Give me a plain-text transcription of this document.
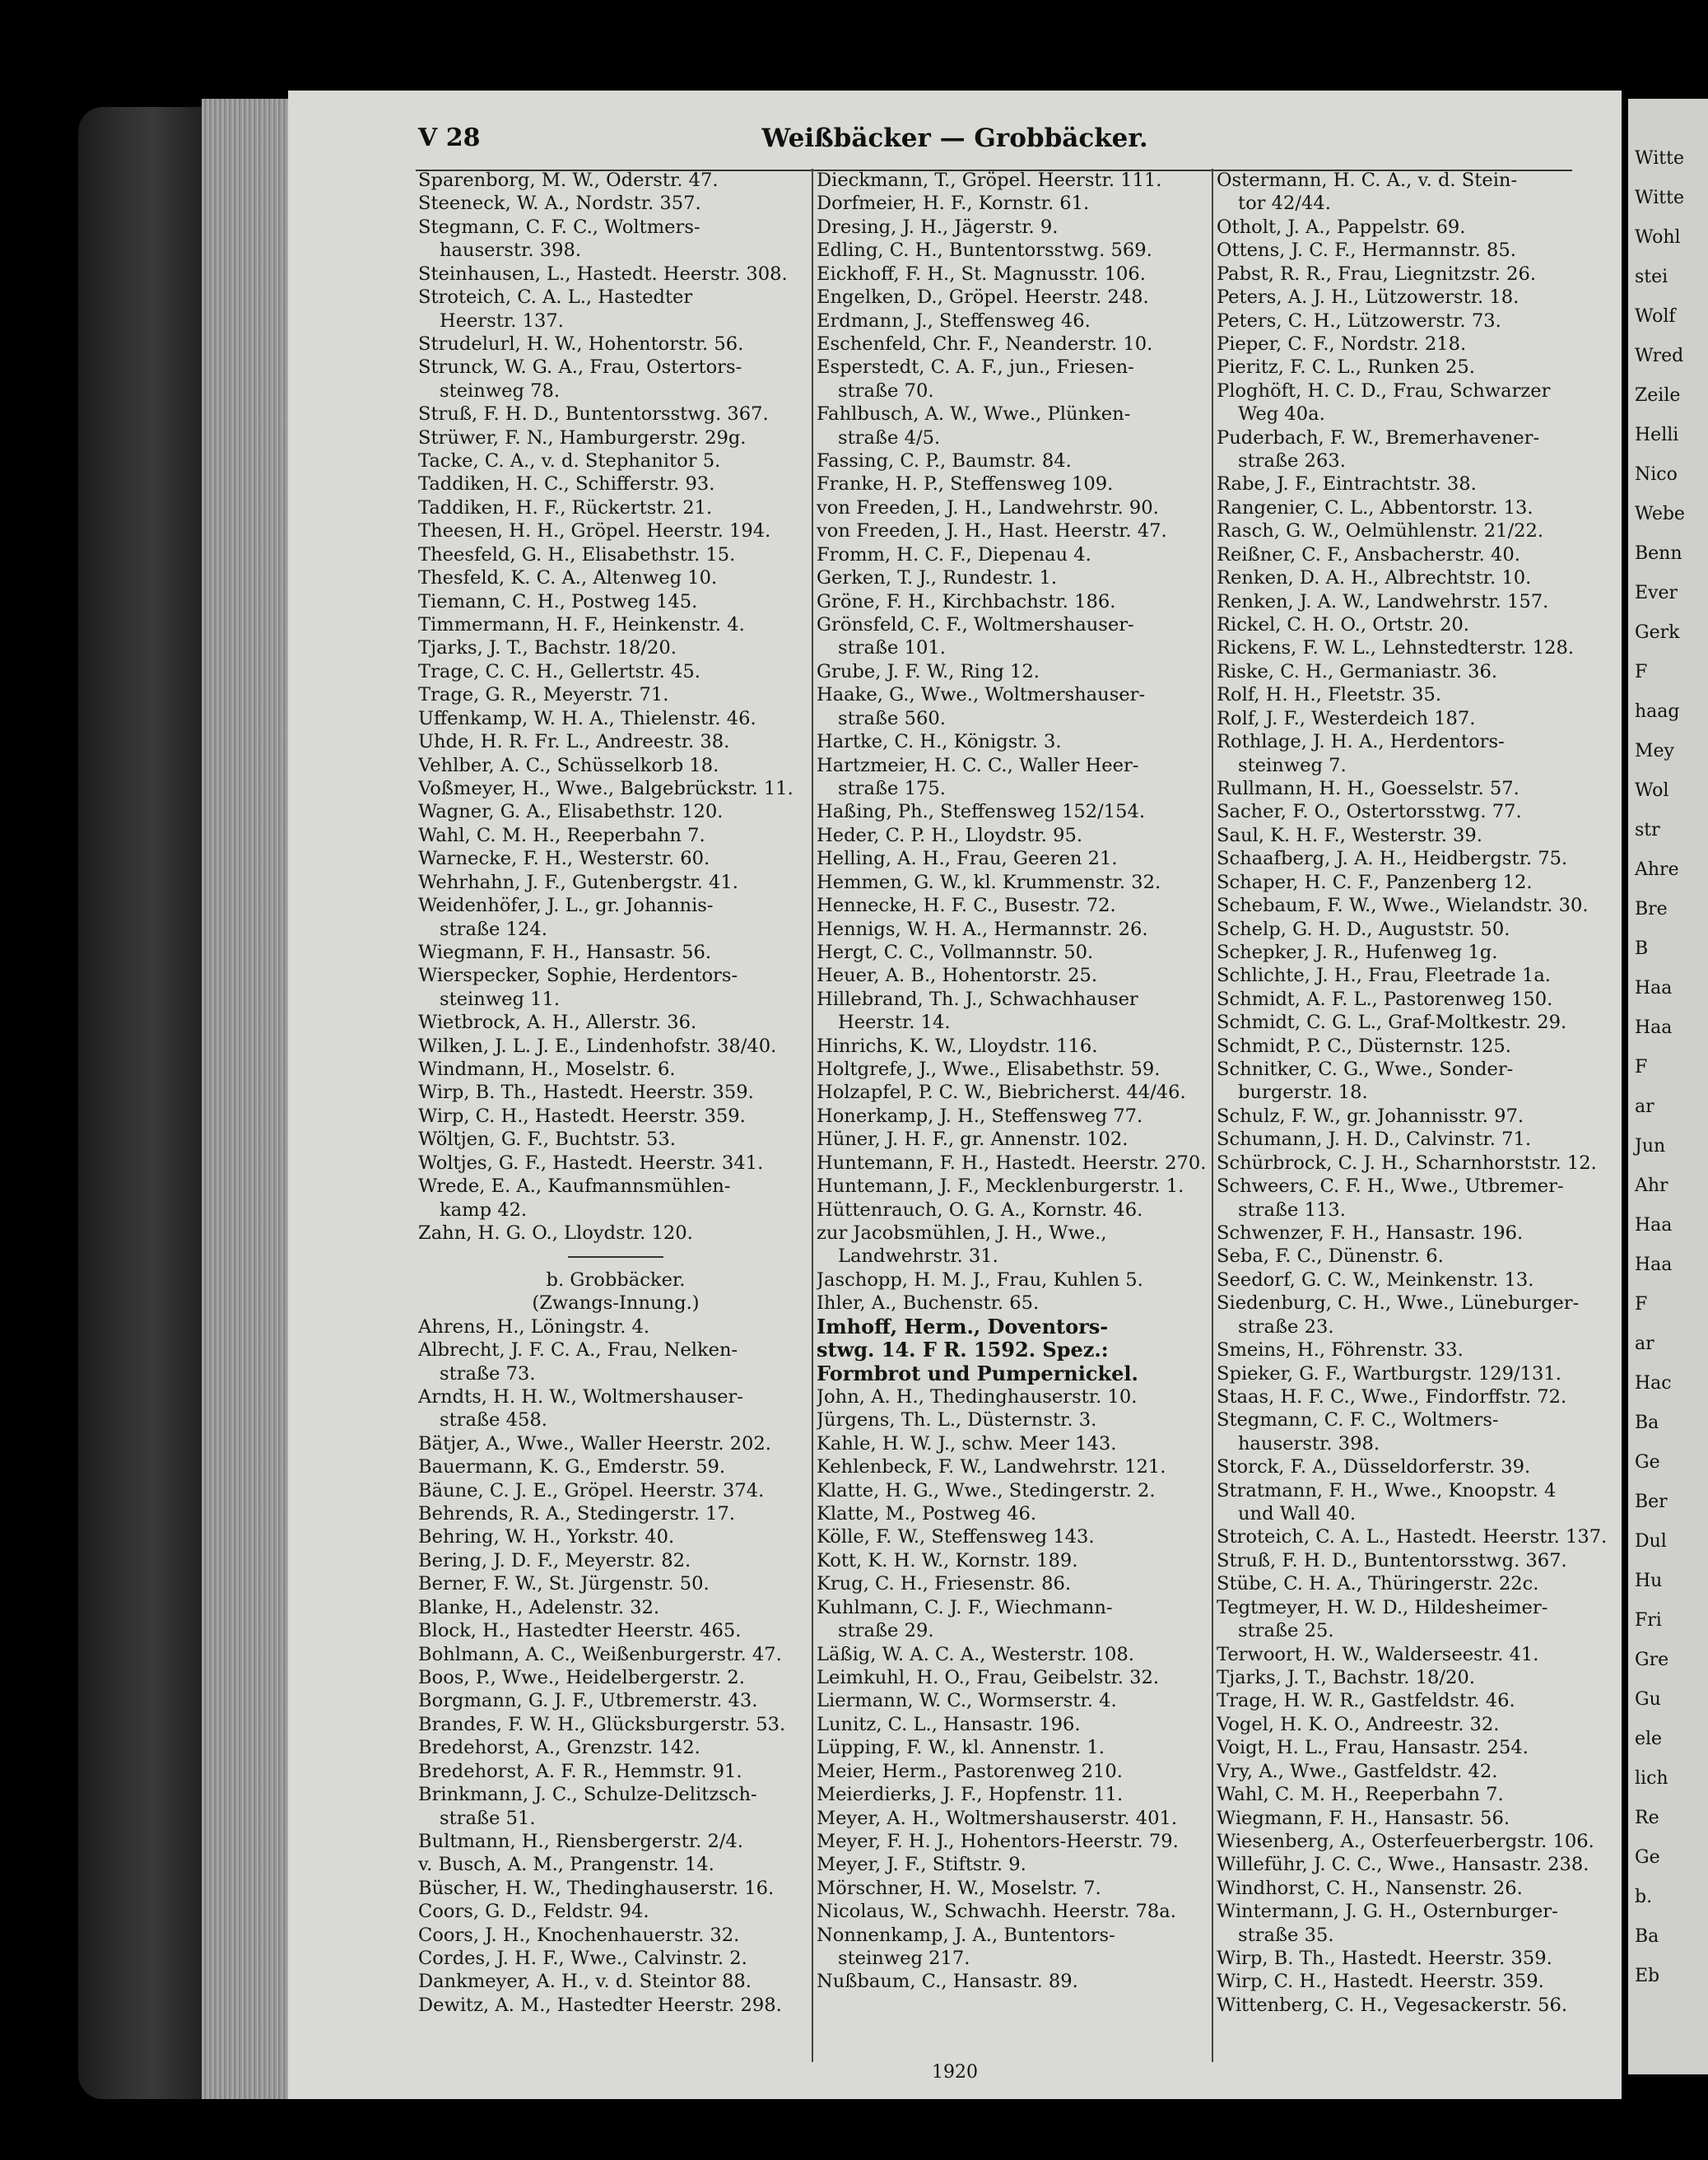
V 28	Weißbäcker — Grobbäcker.

Sparenborg, M. W., Oderstr. 47.

Steeneck, W. A., Nordstr. 357.

Stegmann, C. F. C., Woltmers-

hauserstr. 398.

Steinhausen, L., Hastedt. Heerstr. 308.

Stroteich, C. A. L., Hastedter

Heerstr. 137.

Strudelurl, H. W., Hohentorstr. 56.

Strunck, W. G. A., Frau, Ostertors-

steinweg 78.

Struß, F. H. D., Buntentorsstwg. 367.

Strüwer, F. N., Hamburgerstr. 29g.

Tacke, C. A., v. d. Stephanitor 5.

Taddiken, H. C., Schifferstr. 93.

Taddiken, H. F., Rückertstr. 21.

Theesen, H. H., Gröpel. Heerstr. 194.

Theesfeld, G. H., Elisabethstr. 15.

Thesfeld, K. C. A., Altenweg 10.

Tiemann, C. H., Postweg 145.

Timmermann, H. F., Heinkenstr. 4.

Tjarks, J. T., Bachstr. 18/20.

Trage, C. C. H., Gellertstr. 45.

Trage, G. R., Meyerstr. 71.

Uffenkamp, W. H. A., Thielenstr. 46.

Uhde, H. R. Fr. L., Andreestr. 38.

Vehlber, A. C., Schüsselkorb 18.

Voßmeyer, H., Wwe., Balgebrückstr. 11.

Wagner, G. A., Elisabethstr. 120.

Wahl, C. M. H., Reeperbahn 7.

Warnecke, F. H., Westerstr. 60.

Wehrhahn, J. F., Gutenbergstr. 41.

Weidenhöfer, J. L., gr. Johannis-

straße 124.

Wiegmann, F. H., Hansastr. 56.

Wierspecker, Sophie, Herdentors-

steinweg 11.

Wietbrock, A. H., Allerstr. 36.

Wilken, J. L. J. E., Lindenhofstr. 38/40.

Windmann, H., Moselstr. 6.

Wirp, B. Th., Hastedt. Heerstr. 359.

Wirp, C. H., Hastedt. Heerstr. 359.

Wöltjen, G. F., Buchtstr. 53.

Woltjes, G. F., Hastedt. Heerstr. 341.

Wrede, E. A., Kaufmannsmühlen-

kamp 42.

Zahn, H. G. O., Lloydstr. 120.

b. Grobbäcker.

(Zwangs-Innung.)

Ahrens, H., Löningstr. 4.

Albrecht, J. F. C. A., Frau, Nelken-

straße 73.

Arndts, H. H. W., Woltmershauser-

straße 458.

Bätjer, A., Wwe., Waller Heerstr. 202.

Bauermann, K. G., Emderstr. 59.

Bäune, C. J. E., Gröpel. Heerstr. 374.

Behrends, R. A., Stedingerstr. 17.

Behring, W. H., Yorkstr. 40.

Bering, J. D. F., Meyerstr. 82.

Berner, F. W., St. Jürgenstr. 50.

Blanke, H., Adelenstr. 32.

Block, H., Hastedter Heerstr. 465.

Bohlmann, A. C., Weißenburgerstr. 47.

Boos, P., Wwe., Heidelbergerstr. 2.

Borgmann, G. J. F., Utbremerstr. 43.

Brandes, F. W. H., Glücksburgerstr. 53.

Bredehorst, A., Grenzstr. 142.

Bredehorst, A. F. R., Hemmstr. 91.

Brinkmann, J. C., Schulze-Delitzsch-

straße 51.

Bultmann, H., Riensbergerstr. 2/4.

v. Busch, A. M., Prangenstr. 14.

Büscher, H. W., Thedinghauserstr. 16.

Coors, G. D., Feldstr. 94.

Coors, J. H., Knochenhauerstr. 32.

Cordes, J. H. F., Wwe., Calvinstr. 2.

Dankmeyer, A. H., v. d. Steintor 88.

Dewitz, A. M., Hastedter Heerstr. 298.

Dieckmann, T., Gröpel. Heerstr. 111.

Dorfmeier, H. F., Kornstr. 61.

Dresing, J. H., Jägerstr. 9.

Edling, C. H., Buntentorsstwg. 569.

Eickhoff, F. H., St. Magnusstr. 106.

Engelken, D., Gröpel. Heerstr. 248.

Erdmann, J., Steffensweg 46.

Eschenfeld, Chr. F., Neanderstr. 10.

Esperstedt, C. A. F., jun., Friesen-

straße 70.

Fahlbusch, A. W., Wwe., Plünken-

straße 4/5.

Fassing, C. P., Baumstr. 84.

Franke, H. P., Steffensweg 109.

von Freeden, J. H., Landwehrstr. 90.

von Freeden, J. H., Hast. Heerstr. 47.

Fromm, H. C. F., Diepenau 4.

Gerken, T. J., Rundestr. 1.

Gröne, F. H., Kirchbachstr. 186.

Grönsfeld, C. F., Woltmershauser-

straße 101.

Grube, J. F. W., Ring 12.

Haake, G., Wwe., Woltmershauser-

straße 560.

Hartke, C. H., Königstr. 3.

Hartzmeier, H. C. C., Waller Heer-

straße 175.

Haßing, Ph., Steffensweg 152/154.

Heder, C. P. H., Lloydstr. 95.

Helling, A. H., Frau, Geeren 21.

Hemmen, G. W., kl. Krummenstr. 32.

Hennecke, H. F. C., Busestr. 72.

Hennigs, W. H. A., Hermannstr. 26.

Hergt, C. C., Vollmannstr. 50.

Heuer, A. B., Hohentorstr. 25.

Hillebrand, Th. J., Schwachhauser

Heerstr. 14.

Hinrichs, K. W., Lloydstr. 116.

Holtgrefe, J., Wwe., Elisabethstr. 59.

Holzapfel, P. C. W., Biebricherst. 44/46.

Honerkamp, J. H., Steffensweg 77.

Hüner, J. H. F., gr. Annenstr. 102.

Huntemann, F. H., Hastedt. Heerstr. 270.

Huntemann, J. F., Mecklenburgerstr. 1.

Hüttenrauch, O. G. A., Kornstr. 46.

zur Jacobsmühlen, J. H., Wwe.,

Landwehrstr. 31.

Jaschopp, H. M. J., Frau, Kuhlen 5.

Ihler, A., Buchenstr. 65.

Imhoff, Herm., Doventors-

stwg. 14. F R. 1592. Spez.:

Formbrot und Pumpernickel.

John, A. H., Thedinghauserstr. 10.

Jürgens, Th. L., Düsternstr. 3.

Kahle, H. W. J., schw. Meer 143.

Kehlenbeck, F. W., Landwehrstr. 121.

Klatte, H. G., Wwe., Stedingerstr. 2.

Klatte, M., Postweg 46.

Kölle, F. W., Steffensweg 143.

Kott, K. H. W., Kornstr. 189.

Krug, C. H., Friesenstr. 86.

Kuhlmann, C. J. F., Wiechmann-

straße 29.

Läßig, W. A. C. A., Westerstr. 108.

Leimkuhl, H. O., Frau, Geibelstr. 32.

Liermann, W. C., Wormserstr. 4.

Lunitz, C. L., Hansastr. 196.

Lüpping, F. W., kl. Annenstr. 1.

Meier, Herm., Pastorenweg 210.

Meierdierks, J. F., Hopfenstr. 11.

Meyer, A. H., Woltmershauserstr. 401.

Meyer, F. H. J., Hohentors-Heerstr. 79.

Meyer, J. F., Stiftstr. 9.

Mörschner, H. W., Moselstr. 7.

Nicolaus, W., Schwachh. Heerstr. 78a.

Nonnenkamp, J. A., Buntentors-

steinweg 217.

Nußbaum, C., Hansastr. 89.

Ostermann, H. C. A., v. d. Stein-

tor 42/44.

Otholt, J. A., Pappelstr. 69.

Ottens, J. C. F., Hermannstr. 85.

Pabst, R. R., Frau, Liegnitzstr. 26.

Peters, A. J. H., Lützowerstr. 18.

Peters, C. H., Lützowerstr. 73.

Pieper, C. F., Nordstr. 218.

Pieritz, F. C. L., Runken 25.

Ploghöft, H. C. D., Frau, Schwarzer

Weg 40a.

Puderbach, F. W., Bremerhavener-

straße 263.

Rabe, J. F., Eintrachtstr. 38.

Rangenier, C. L., Abbentorstr. 13.

Rasch, G. W., Oelmühlenstr. 21/22.

Reißner, C. F., Ansbacherstr. 40.

Renken, D. A. H., Albrechtstr. 10.

Renken, J. A. W., Landwehrstr. 157.

Rickel, C. H. O., Ortstr. 20.

Rickens, F. W. L., Lehnstedterstr. 128.

Riske, C. H., Germaniastr. 36.

Rolf, H. H., Fleetstr. 35.

Rolf, J. F., Westerdeich 187.

Rothlage, J. H. A., Herdentors-

steinweg 7.

Rullmann, H. H., Goesselstr. 57.

Sacher, F. O., Ostertorsstwg. 77.

Saul, K. H. F., Westerstr. 39.

Schaafberg, J. A. H., Heidbergstr. 75.

Schaper, H. C. F., Panzenberg 12.

Schebaum, F. W., Wwe., Wielandstr. 30.

Schelp, G. H. D., Auguststr. 50.

Schepker, J. R., Hufenweg 1g.

Schlichte, J. H., Frau, Fleetrade 1a.

Schmidt, A. F. L., Pastorenweg 150.

Schmidt, C. G. L., Graf-Moltkestr. 29.

Schmidt, P. C., Düsternstr. 125.

Schnitker, C. G., Wwe., Sonder-

burgerstr. 18.

Schulz, F. W., gr. Johannisstr. 97.

Schumann, J. H. D., Calvinstr. 71.

Schürbrock, C. J. H., Scharnhorststr. 12.

Schweers, C. F. H., Wwe., Utbremer-

straße 113.

Schwenzer, F. H., Hansastr. 196.

Seba, F. C., Dünenstr. 6.

Seedorf, G. C. W., Meinkenstr. 13.

Siedenburg, C. H., Wwe., Lüneburger-

straße 23.

Smeins, H., Föhrenstr. 33.

Spieker, G. F., Wartburgstr. 129/131.

Staas, H. F. C., Wwe., Findorffstr. 72.

Stegmann, C. F. C., Woltmers-

hauserstr. 398.

Storck, F. A., Düsseldorferstr. 39.

Stratmann, F. H., Wwe., Knoopstr. 4

und Wall 40.

Stroteich, C. A. L., Hastedt. Heerstr. 137.

Struß, F. H. D., Buntentorsstwg. 367.

Stübe, C. H. A., Thüringerstr. 22c.

Tegtmeyer, H. W. D., Hildesheimer-

straße 25.

Terwoort, H. W., Walderseestr. 41.

Tjarks, J. T., Bachstr. 18/20.

Trage, H. W. R., Gastfeldstr. 46.

Vogel, H. K. O., Andreestr. 32.

Voigt, H. L., Frau, Hansastr. 254.

Vry, A., Wwe., Gastfeldstr. 42.

Wahl, C. M. H., Reeperbahn 7.

Wiegmann, F. H., Hansastr. 56.

Wiesenberg, A., Osterfeuerbergstr. 106.

Willeführ, J. C. C., Wwe., Hansastr. 238.

Windhorst, C. H., Nansenstr. 26.

Wintermann, J. G. H., Osternburger-

straße 35.

Wirp, B. Th., Hastedt. Heerstr. 359.

Wirp, C. H., Hastedt. Heerstr. 359.

Wittenberg, C. H., Vegesackerstr. 56.

1920
Witte
Witte
Wohl
stei
Wolf
Wred
Zeile
Helli
Nico
Webe
Benn
Ever
Gerk
F
haag
Mey
Wol
str
Ahre
Bre
B
Haa
Haa
F
ar
Jun
Ahr
Haa
Haa
F
ar
Hac
Ba
Ge
Ber
Dul
Hu
Fri
Gre
Gu
ele
lich
Re
Ge
b.
Ba
Eb
